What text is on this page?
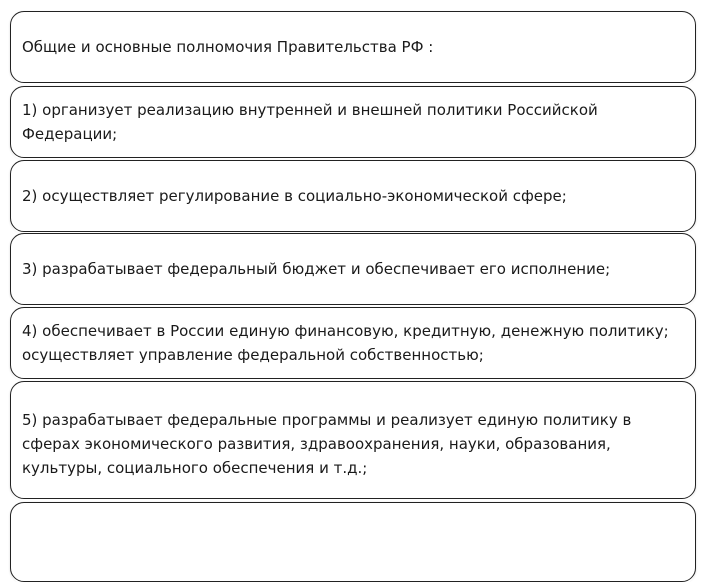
Общие и основные полномочия Правительства РФ :
1) организует реализацию внутренней и внешней политики Российской Федерации;
2) осуществляет регулирование в социально-экономической сфере;
3) разрабатывает федеральный бюджет и обеспечивает его исполнение;
4) обеспечивает в России единую финансовую, кредитную, денежную политику; осуществляет управление федеральной собственностью;
5) разрабатывает федеральные программы и реализует единую политику в сферах экономического развития, здравоохранения, науки, образования, культуры, социального обеспечения и т.д.;
